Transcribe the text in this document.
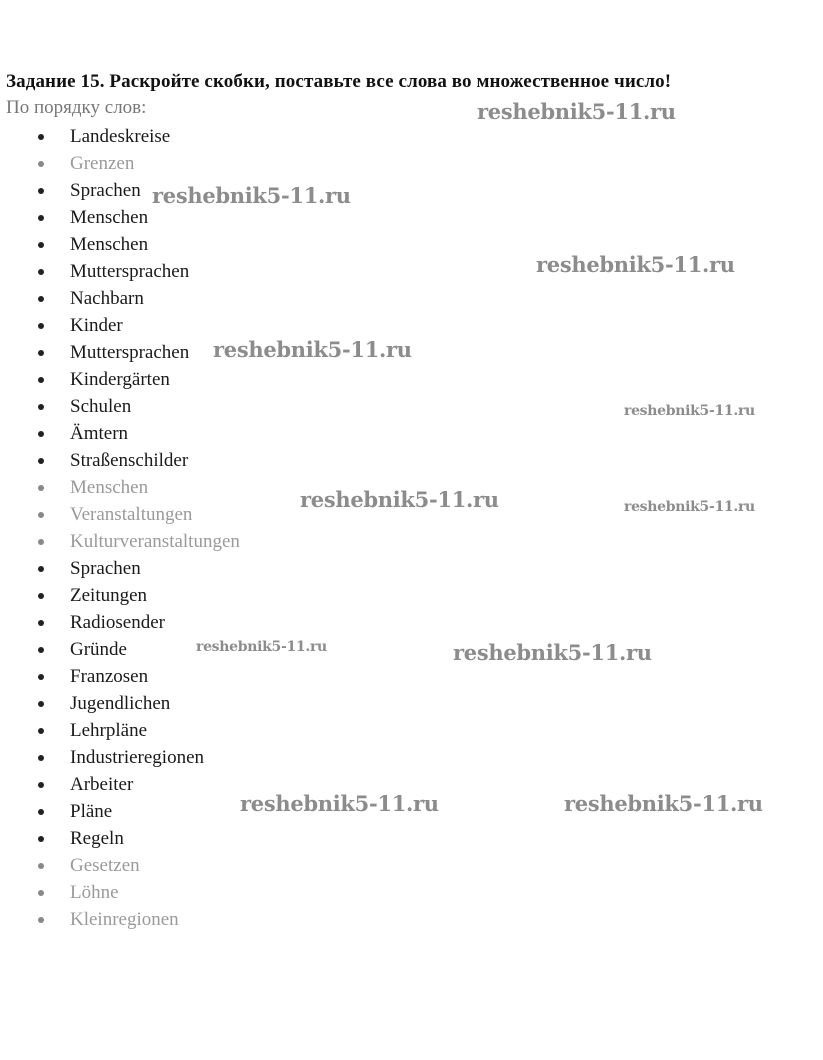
Задание 15. Раскройте скобки, поставьте все слова во множественное число!
По порядку слов:
Landeskreise
Grenzen
Sprachen
Menschen
Menschen
Muttersprachen
Nachbarn
Kinder
Muttersprachen
Kindergärten
Schulen
Ämtern
Straßenschilder
Menschen
Veranstaltungen
Kulturveranstaltungen
Sprachen
Zeitungen
Radiosender
Gründe
Franzosen
Jugendlichen
Lehrpläne
Industrieregionen
Arbeiter
Pläne
Regeln
Gesetzen
Löhne
Kleinregionen
reshebnik5-11.ru
reshebnik5-11.ru
reshebnik5-11.ru
reshebnik5-11.ru
reshebnik5-11.ru
reshebnik5-11.ru	reshebnik5-11.ru
reshebnik5-11.ru	reshebnik5-11.ru
reshebnik5-11.ru	reshebnik5-11.ru
